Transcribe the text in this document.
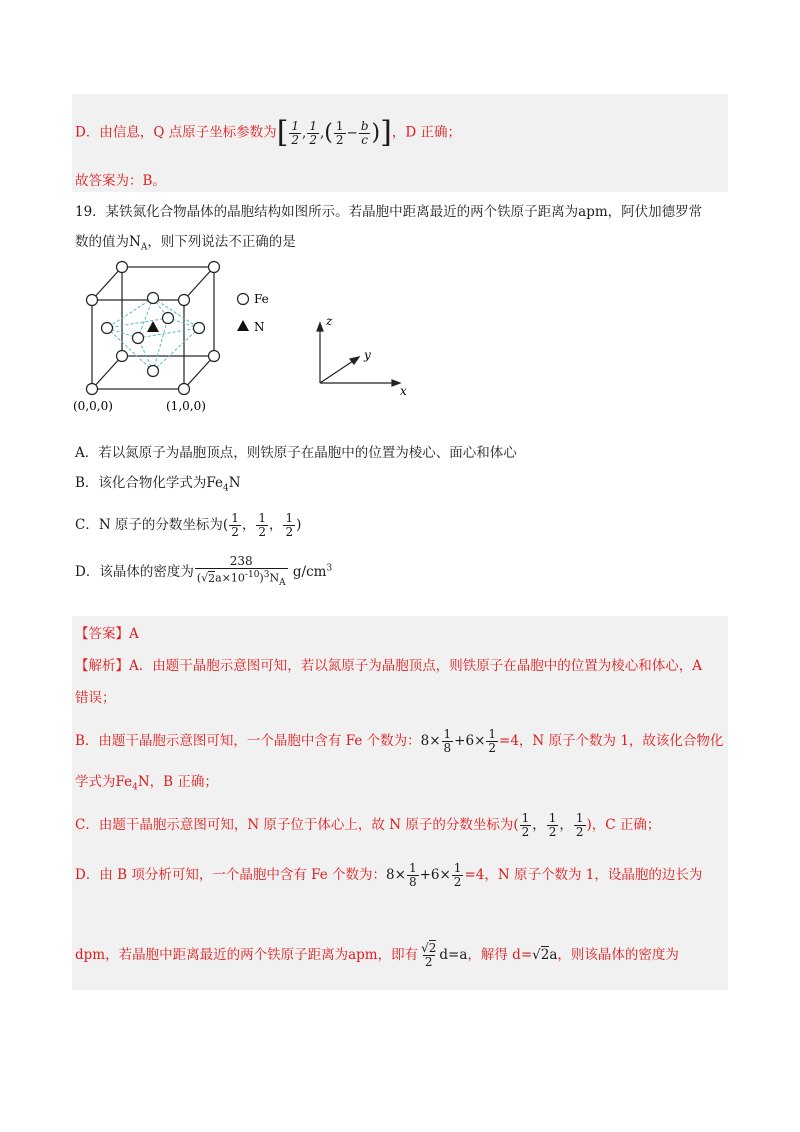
D．由信息，Q 点原子坐标参数为[ $\frac{1}{2}$ , $\frac{1}{2}$ ,( $\frac{1}{2} - \frac{b}{c}$ )]，D 正确；
故答案为：B。
19．某铁氮化合物晶体的晶胞结构如图所示。若晶胞中距离最近的两个铁原子距离为apm，阿伏加德罗常
数的值为$N_A$，则下列说法不正确的是
(0,0,0)	(1,0,0)
Fe
N	z
y
x
A．若以氮原子为晶胞顶点，则铁原子在晶胞中的位置为棱心、面心和体心
B．该化合物化学式为$Fe_4N$
C．N 原子的分数坐标为( $\frac{1}{2}$ ， $\frac{1}{2}$ ， $\frac{1}{2}$ )
D．该晶体的密度为 $\frac{238}{(√2a\times 10^{-10})^3N_A} g/cm^3$
【答案】A
【解析】A．由题干晶胞示意图可知，若以氮原子为晶胞顶点，则铁原子在晶胞中的位置为棱心和体心，A
错误；
B．由题干晶胞示意图可知，一个晶胞中含有 Fe 个数为：$8\times \frac{1}{8} +6\times \frac{1}{2} =4$，N 原子个数为 1，故该化合物化
学式为$Fe_4N$，B 正确；
C．由题干晶胞示意图可知，N 原子位于体心上，故 N 原子的分数坐标为( $\frac{1}{2}$ ， $\frac{1}{2}$ ， $\frac{1}{2}$ )，C 正确；
D．由 B 项分析可知，一个晶胞中含有 Fe 个数为：$8\times \frac{1}{8} +6\times \frac{1}{2} =4$，N 原子个数为 1，设晶胞的边长为
dpm，若晶胞中距离最近的两个铁原子距离为apm，即有 $\frac{√2}{2} d=a$，解得 d=√2a，则该晶体的密度为
